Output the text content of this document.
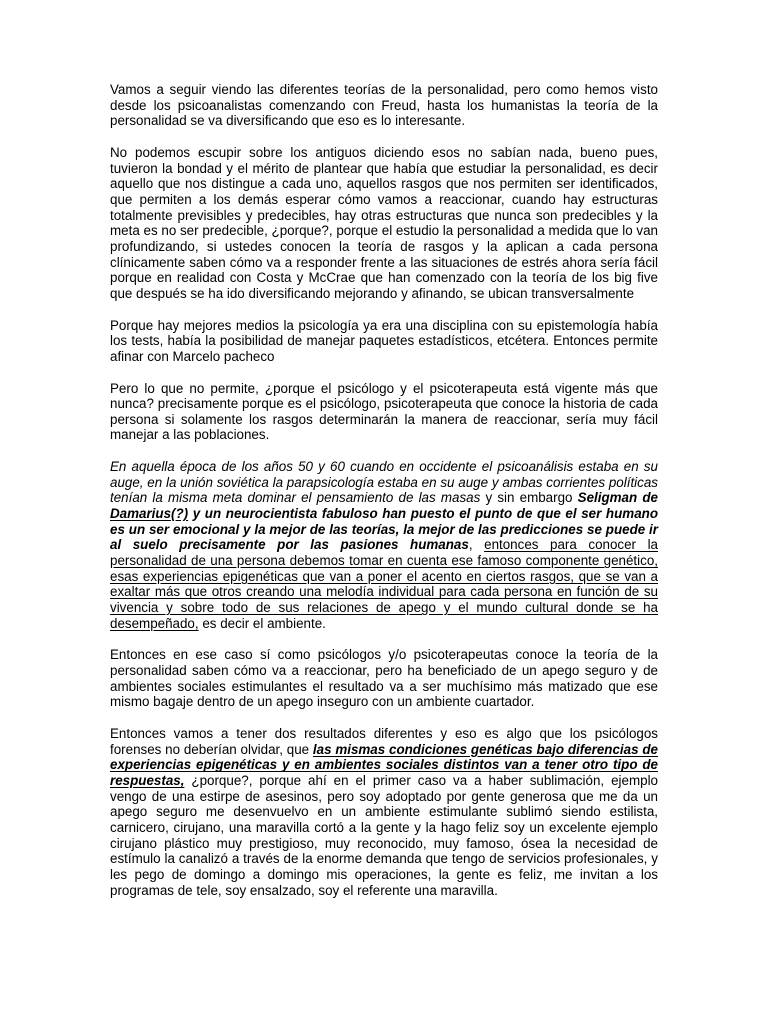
Vamos a seguir viendo las diferentes teorías de la personalidad, pero como hemos visto desde los psicoanalistas comenzando con Freud, hasta los humanistas la teoría de la personalidad se va diversificando que eso es lo interesante.

No podemos escupir sobre los antiguos diciendo esos no sabían nada, bueno pues, tuvieron la bondad y el mérito de plantear que había que estudiar la personalidad, es decir aquello que nos distingue a cada uno, aquellos rasgos que nos permiten ser identificados, que permiten a los demás esperar cómo vamos a reaccionar, cuando hay estructuras totalmente previsibles y predecibles, hay otras estructuras que nunca son predecibles y la meta es no ser predecible, ¿porque?, porque el estudio la personalidad a medida que lo van profundizando, si ustedes conocen la teoría de rasgos y la aplican a cada persona clínicamente saben cómo va a responder frente a las situaciones de estrés ahora sería fácil porque en realidad con Costa y McCrae que han comenzado con la teoría de los big five que después se ha ido diversificando mejorando y afinando, se ubican transversalmente

Porque hay mejores medios la psicología ya era una disciplina con su epistemología había los tests, había la posibilidad de manejar paquetes estadísticos, etcétera. Entonces permite afinar con Marcelo pacheco

Pero lo que no permite, ¿porque el psicólogo y el psicoterapeuta está vigente más que nunca? precisamente porque es el psicólogo, psicoterapeuta que conoce la historia de cada persona si solamente los rasgos determinarán la manera de reaccionar, sería muy fácil manejar a las poblaciones.

En aquella época de los años 50 y 60 cuando en occidente el psicoanálisis estaba en su auge, en la unión soviética la parapsicología estaba en su auge y ambas corrientes políticas tenían la misma meta dominar el pensamiento de las masas y sin embargo Seligman de Damarius(?) y un neurocientista fabuloso han puesto el punto de que el ser humano es un ser emocional y la mejor de las teorías, la mejor de las predicciones se puede ir al suelo precisamente por las pasiones humanas, entonces para conocer la personalidad de una persona debemos tomar en cuenta ese famoso componente genético, esas experiencias epigenéticas que van a poner el acento en ciertos rasgos, que se van a exaltar más que otros creando una melodía individual para cada persona en función de su vivencia y sobre todo de sus relaciones de apego y el mundo cultural donde se ha desempeñado, es decir el ambiente.

Entonces en ese caso sí como psicólogos y/o psicoterapeutas conoce la teoría de la personalidad saben cómo va a reaccionar, pero ha beneficiado de un apego seguro y de ambientes sociales estimulantes el resultado va a ser muchísimo más matizado que ese mismo bagaje dentro de un apego inseguro con un ambiente cuartador.

Entonces vamos a tener dos resultados diferentes y eso es algo que los psicólogos forenses no deberían olvidar, que las mismas condiciones genéticas bajo diferencias de experiencias epigenéticas y en ambientes sociales distintos van a tener otro tipo de respuestas, ¿porque?, porque ahí en el primer caso va a haber sublimación, ejemplo vengo de una estirpe de asesinos, pero soy adoptado por gente generosa que me da un apego seguro me desenvuelvo en un ambiente estimulante sublimó siendo estilista, carnicero, cirujano, una maravilla cortó a la gente y la hago feliz soy un excelente ejemplo cirujano plástico muy prestigioso, muy reconocido, muy famoso, ósea la necesidad de estímulo la canalizó a través de la enorme demanda que tengo de servicios profesionales, y les pego de domingo a domingo mis operaciones, la gente es feliz, me invitan a los programas de tele, soy ensalzado, soy el referente una maravilla.
